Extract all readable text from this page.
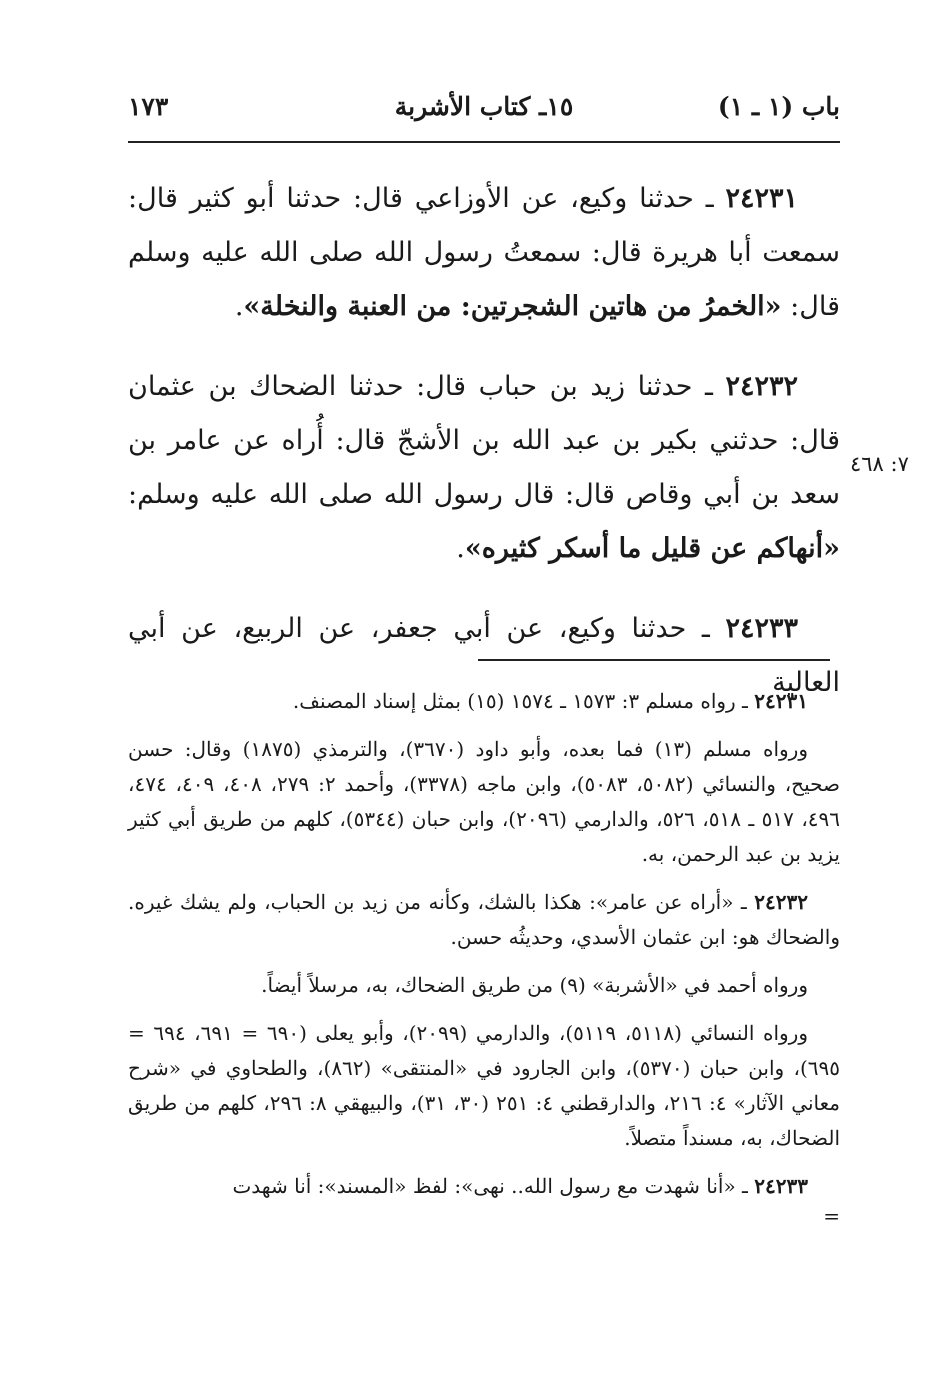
١٧٣	١٥ـ كتاب الأشربة	باب (١ ـ ١)

٢٤٢٣١ ـ حدثنا وكيع، عن الأوزاعي قال: حدثنا أبو كثير قال: سمعت أبا هريرة قال: سمعتُ رسول الله صلى الله عليه وسلم قال: «الخمرُ من هاتين الشجرتين: من العنبة والنخلة».

٢٤٢٣٢ ـ حدثنا زيد بن حباب قال: حدثنا الضحاك بن عثمان قال: حدثني بكير بن عبد الله بن الأشجّ قال: أُراه عن عامر بن سعد بن أبي وقاص قال: قال رسول الله صلى الله عليه وسلم: «أنهاكم عن قليل ما أسكر كثيره».

٢٤٢٣٣ ـ حدثنا وكيع، عن أبي جعفر، عن الربيع، عن أبي العالية

٧: ٤٦٨

٢٤٢٣١ ـ رواه مسلم ٣: ١٥٧٣ ـ ١٥٧٤ (١٥) بمثل إسناد المصنف.

ورواه مسلم (١٣) فما بعده، وأبو داود (٣٦٧٠)، والترمذي (١٨٧٥) وقال: حسن صحيح، والنسائي (٥٠٨٢، ٥٠٨٣)، وابن ماجه (٣٣٧٨)، وأحمد ٢: ٢٧٩، ٤٠٨، ٤٠٩، ٤٧٤، ٤٩٦، ٥١٧ ـ ٥١٨، ٥٢٦، والدارمي (٢٠٩٦)، وابن حبان (٥٣٤٤)، كلهم من طريق أبي كثير يزيد بن عبد الرحمن، به.

٢٤٢٣٢ ـ «أراه عن عامر»: هكذا بالشك، وكأنه من زيد بن الحباب، ولم يشك غيره. والضحاك هو: ابن عثمان الأسدي، وحديثُه حسن.

ورواه أحمد في «الأشربة» (٩) من طريق الضحاك، به، مرسلاً أيضاً.

ورواه النسائي (٥١١٨، ٥١١٩)، والدارمي (٢٠٩٩)، وأبو يعلى (٦٩٠ = ٦٩١، ٦٩٤ = ٦٩٥)، وابن حبان (٥٣٧٠)، وابن الجارود في «المنتقى» (٨٦٢)، والطحاوي في «شرح معاني الآثار» ٤: ٢١٦، والدارقطني ٤: ٢٥١ (٣٠، ٣١)، والبيهقي ٨: ٢٩٦، كلهم من طريق الضحاك، به، مسنداً متصلاً.

٢٤٢٣٣ ـ «أنا شهدت مع رسول الله.. نهى»: لفظ «المسند»: أنا شهدت

=
